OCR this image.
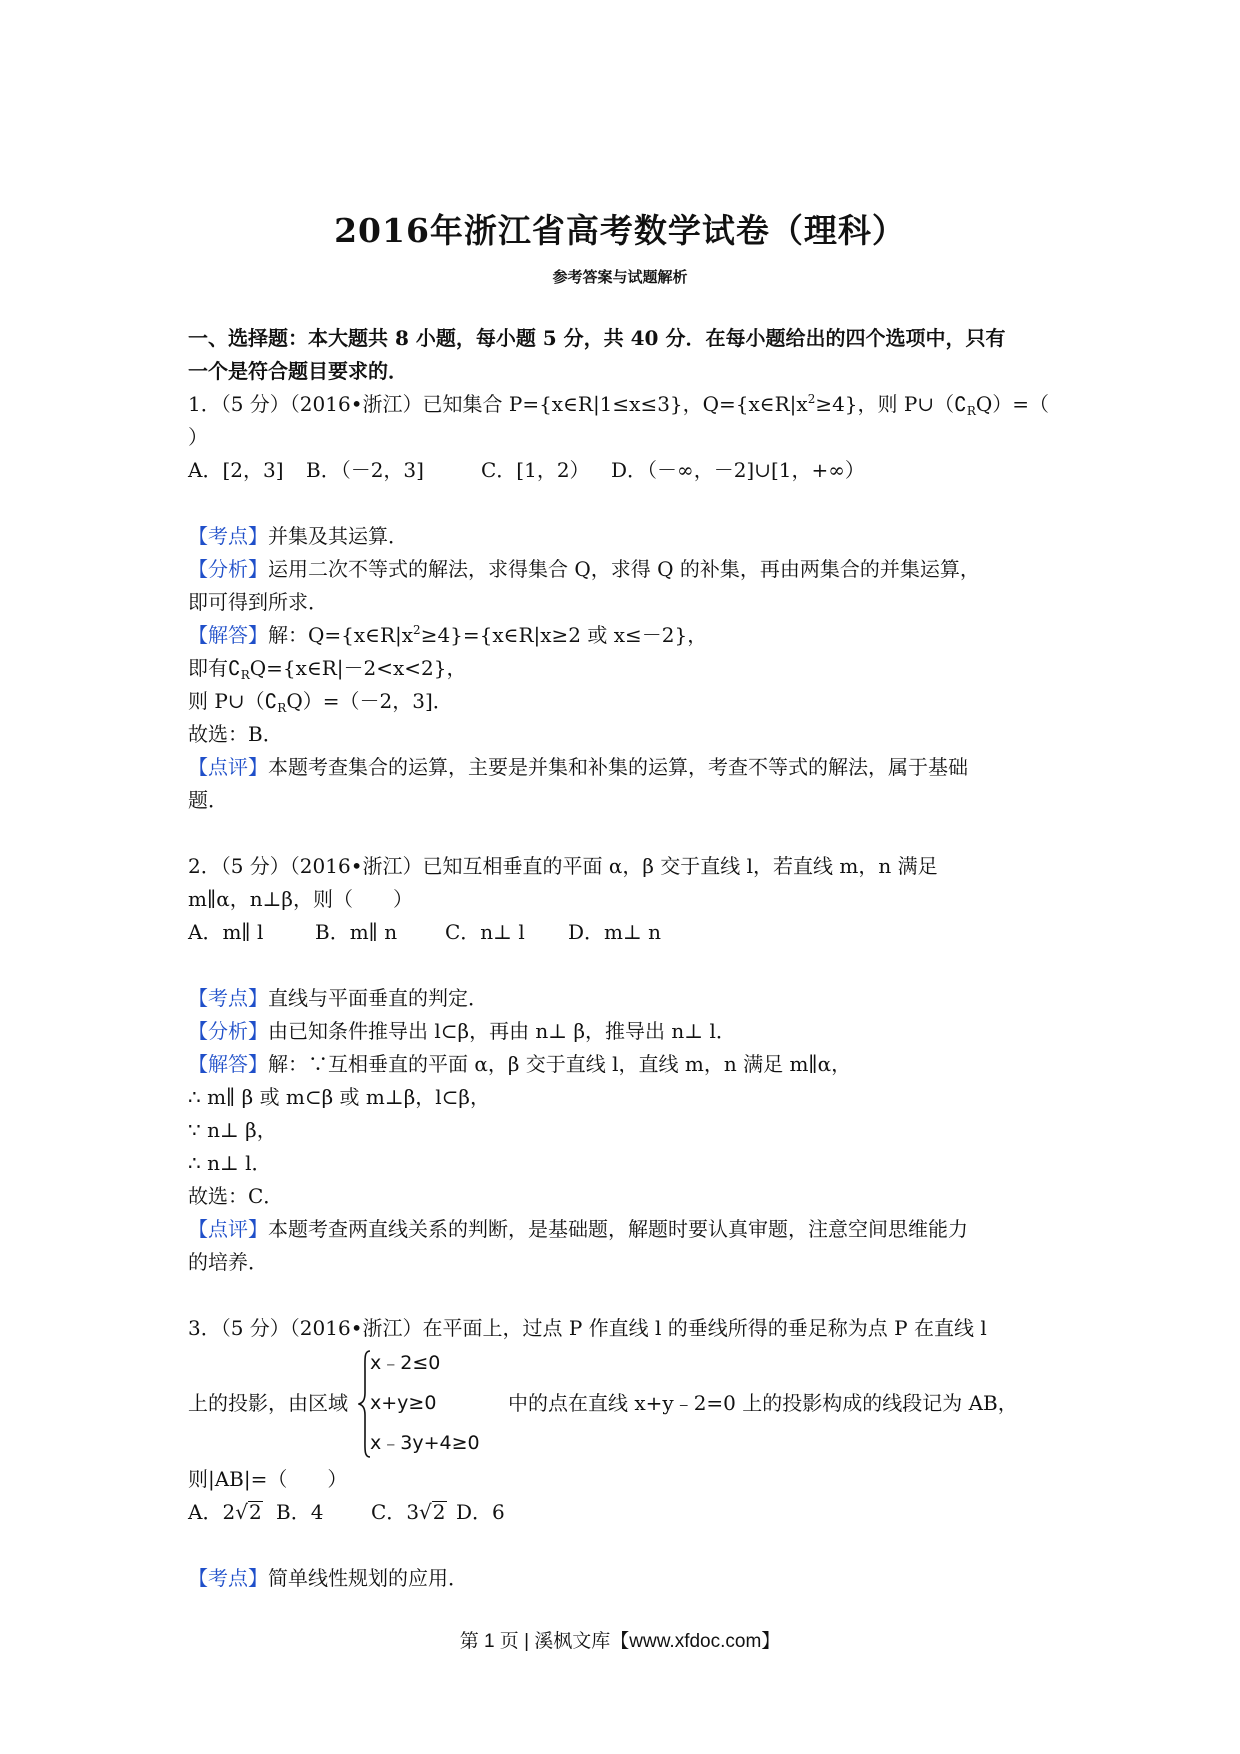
2016年浙江省高考数学试卷（理科）
参考答案与试题解析

一、选择题：本大题共 8 小题，每小题 5 分，共 40 分．在每小题给出的四个选项中，只有
一个是符合题目要求的．

1．（5 分）（2016•浙江）已知集合 P={x∈R|1≤x≤3}，$Q=\{x\in R|x^2\ge 4\}$，则 $P\cup(∁_RQ)=$（
）

A．[2，3] B．（－2，3]	C．[1，2） D．（－∞，－2]∪[1，+∞）

【考点】并集及其运算．

【分析】运用二次不等式的解法，求得集合 Q，求得 Q 的补集，再由两集合的并集运算，
即可得到所求．

【解答】解：$Q=\{x\in R|x^2\ge 4\}=\{x\in R|x\ge 2$ 或 x≤－2}，

即有$∁_RQ=\{x\in R|-2<x<2\}$，

则 $P\cup(∁_RQ)=(-2$，3]．

故选：B．

【点评】本题考查集合的运算，主要是并集和补集的运算，考查不等式的解法，属于基础
题．

2．（5 分）（2016•浙江）已知互相垂直的平面 α，β 交于直线 l，若直线 m，n 满足
m∥α，n⊥β，则（　　）

A．m∥ l	B．m∥ n C．n⊥ l D．m⊥ n

【考点】直线与平面垂直的判定．

【分析】由已知条件推导出 l⊂β，再由 n⊥ β，推导出 n⊥ l．

【解答】解：∵互相垂直的平面 α，β 交于直线 l，直线 m，n 满足 m∥α，

∴ m∥ β 或 m⊂β 或 m⊥β，l⊂β，

∵ n⊥ β，

∴ n⊥ l．

故选：C．

【点评】本题考查两直线关系的判断，是基础题，解题时要认真审题，注意空间思维能力
的培养．

3．（5 分）（2016•浙江）在平面上，过点 P 作直线 l 的垂线所得的垂足称为点 P 在直线 l

上的投影，由区域
x﹣2≤0
x+y≥0
x﹣3y+4≥0
中的点在直线 x+y﹣2=0 上的投影构成的线段记为 AB，

则|AB|=（　　）

A．2√2 B．4 C．3√2 D．6

【考点】简单线性规划的应用．

第 1 页 | 溪枫文库【www.xfdoc.com】
